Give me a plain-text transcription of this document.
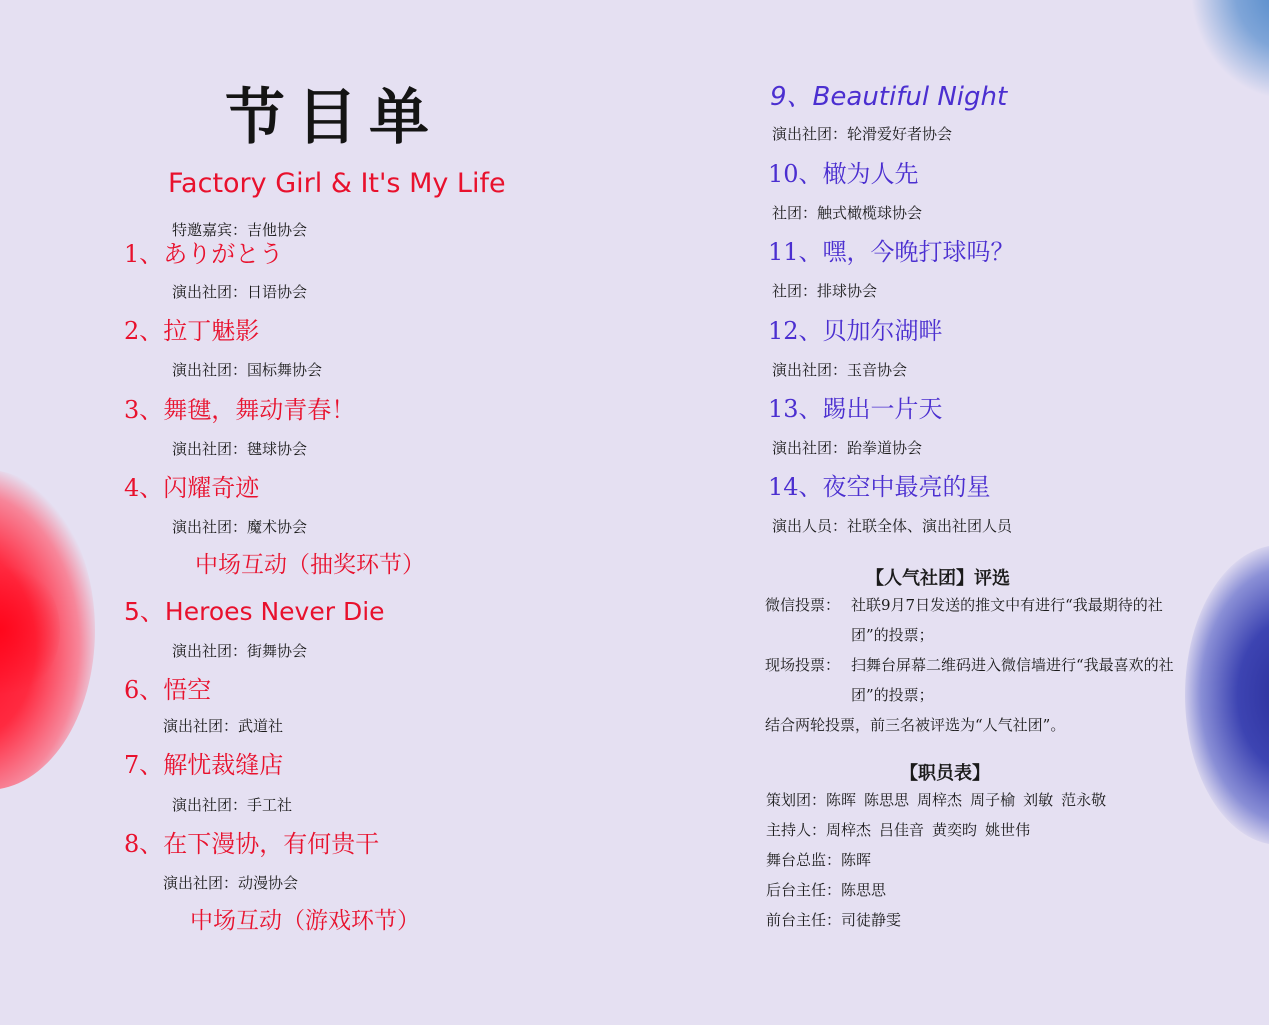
节目单
Factory Girl & It's My Life
特邀嘉宾：吉他协会
1、ありがとう
演出社团：日语协会
2、拉丁魅影
演出社团：国标舞协会
3、舞毽，舞动青春！
演出社团：毽球协会
4、闪耀奇迹
演出社团：魔术协会
中场互动（抽奖环节）
5、Heroes Never Die
演出社团：街舞协会
6、悟空
演出社团：武道社
7、解忧裁缝店
演出社团：手工社
8、在下漫协，有何贵干
演出社团：动漫协会
中场互动（游戏环节）
9、Beautiful Night
演出社团：轮滑爱好者协会
10、橄为人先
社团：触式橄榄球协会
11、嘿，今晚打球吗？
社团：排球协会
12、贝加尔湖畔
演出社团：玉音协会
13、踢出一片天
演出社团：跆拳道协会
14、夜空中最亮的星
演出人员：社联全体、演出社团人员
【人气社团】评选
微信投票： 社联9月7日发送的推文中有进行“我最期待的社团”的投票；
现场投票： 扫舞台屏幕二维码进入微信墙进行“我最喜欢的社团”的投票；
结合两轮投票，前三名被评选为“人气社团”。
【职员表】
策划团： 陈晖 陈思思 周梓杰 周子榆 刘敏 范永敬
主持人： 周梓杰 吕佳音 黄奕昀 姚世伟
舞台总监： 陈晖
后台主任： 陈思思
前台主任： 司徒静雯
